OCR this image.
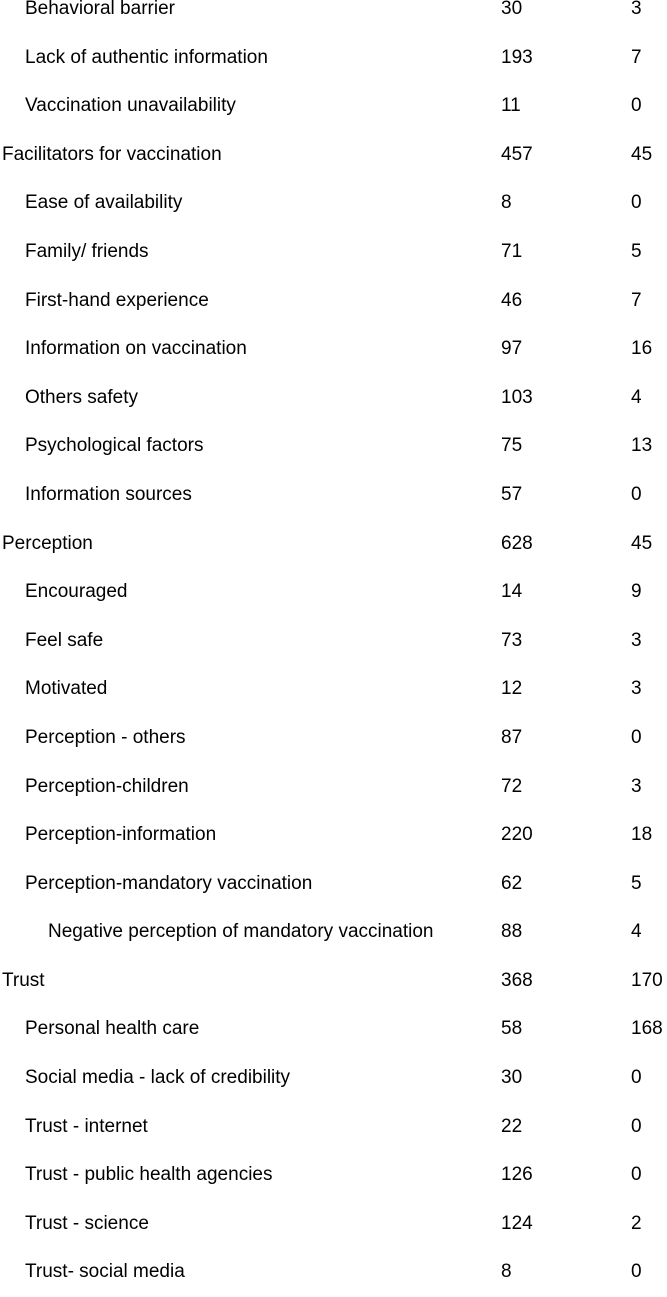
Behavioral barrier	30	3
Lack of authentic information	193	7
Vaccination unavailability	11	0
Facilitators for vaccination	457	45
Ease of availability	8	0
Family/ friends	71	5
First-hand experience	46	7
Information on vaccination	97	16
Others safety	103	4
Psychological factors	75	13
Information sources	57	0
Perception	628	45
Encouraged	14	9
Feel safe	73	3
Motivated	12	3
Perception - others	87	0
Perception-children	72	3
Perception-information	220	18
Perception-mandatory vaccination	62	5
Negative perception of mandatory vaccination	88	4
Trust	368	170
Personal health care	58	168
Social media - lack of credibility	30	0
Trust - internet	22	0
Trust - public health agencies	126	0
Trust - science	124	2
Trust- social media	8	0
